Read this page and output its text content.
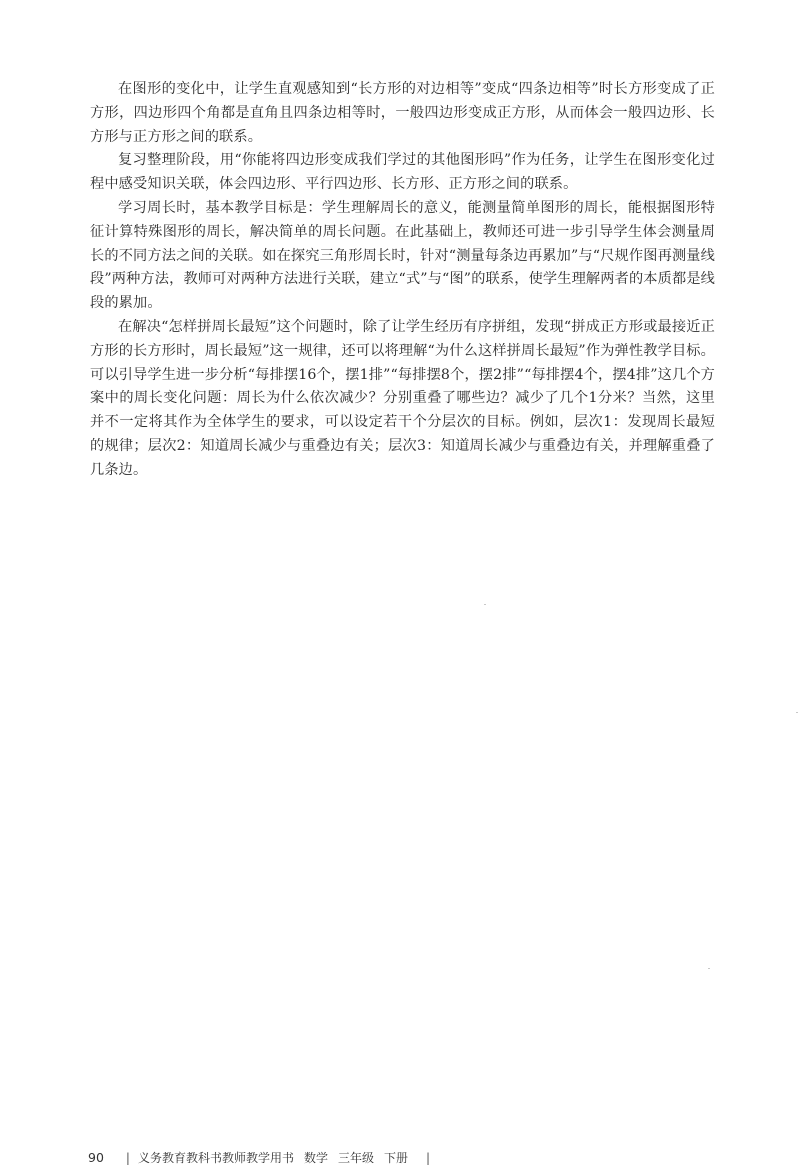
在图形的变化中，让学生直观感知到“长方形的对边相等”变成“四条边相等”时长方形变成了正方形，四边形四个角都是直角且四条边相等时，一般四边形变成正方形，从而体会一般四边形、长方形与正方形之间的联系。

复习整理阶段，用“你能将四边形变成我们学过的其他图形吗”作为任务，让学生在图形变化过程中感受知识关联，体会四边形、平行四边形、长方形、正方形之间的联系。

学习周长时，基本教学目标是：学生理解周长的意义，能测量简单图形的周长，能根据图形特征计算特殊图形的周长，解决简单的周长问题。在此基础上，教师还可进一步引导学生体会测量周长的不同方法之间的关联。如在探究三角形周长时，针对“测量每条边再累加”与“尺规作图再测量线段”两种方法，教师可对两种方法进行关联，建立“式”与“图”的联系，使学生理解两者的本质都是线段的累加。

在解决“怎样拼周长最短”这个问题时，除了让学生经历有序拼组，发现“拼成正方形或最接近正方形的长方形时，周长最短”这一规律，还可以将理解“为什么这样拼周长最短”作为弹性教学目标。可以引导学生进一步分析“每排摆16个，摆1排”“每排摆8个，摆2排”“每排摆4个，摆4排”这几个方案中的周长变化问题：周长为什么依次减少？分别重叠了哪些边？减少了几个1分米？当然，这里并不一定将其作为全体学生的要求，可以设定若干个分层次的目标。例如，层次1：发现周长最短的规律；层次2：知道周长减少与重叠边有关；层次3：知道周长减少与重叠边有关，并理解重叠了几条边。

90 | 义务教育教科书教师教学用书 数学 三年级 下册 |
